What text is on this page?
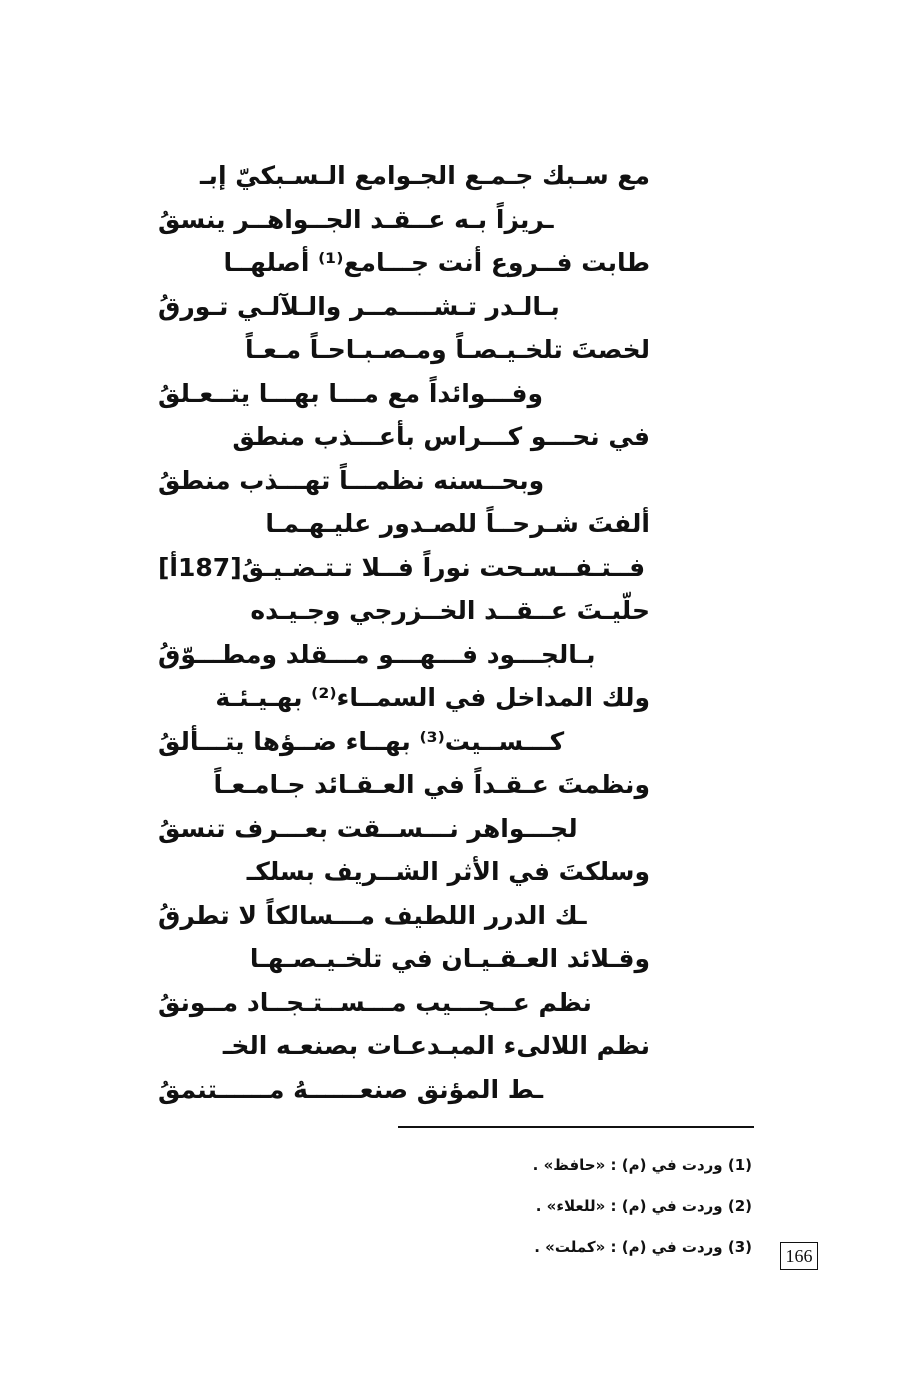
مع سـبك جـمـع الجـوامع الـسـبكيّ إبـ
ـريزاً بـه عــقـد الجــواهــر ينسقُ
طابت فــروع أنت جـــامع⁽¹⁾ أصلهــا
بـالـدر تـشــــمــر والـلآلـي تـورقُ
لخصتَ تلخـيـصـاً ومـصـبـاحـاً مـعـاً
وفـــوائداً مع مـــا بهـــا يتــعـلقُ
في نحـــو كـــراس بأعـــذب منطق
وبحــسنه نظمـــاً تهـــذب منطقُ
ألفتَ شـرحــاً للصـدور عليـهـمـا
فــتـفــسـحت نوراً فــلا تـتـضـيـقُ[187أ]
حلّيـتَ عــقــد الخــزرجي وجـيـده
بـالجـــود فـــهـــو مـــقلد ومطـــوّقُ
ولك المداخل في السمــاء⁽²⁾ بهـيـئـة
كـــســيت⁽³⁾ بهــاء ضــؤها يتـــألقُ
ونظمتَ عـقـداً في العـقـائد جـامـعـاً
لجـــواهر نـــســقت بعـــرف تنسقُ
وسلكتَ في الأثر الشــريف بسلكـ
ـك الدرر اللطيف مـــسالكاً لا تطرقُ
وقـلائد العـقـيـان في تلخـيـصـهـا
نظم عــجـــيب مـــســتـجــاد مــونقُ
نظم اللالىء المبـدعـات بصنعـه الخـ
ـط المؤنق صنعــــــهُ مــــــتنمقُ
(1) وردت في (م) : «حافظ» .
(2) وردت في (م) : «للعلاء» .
(3) وردت في (م) : «كملت» .	166
